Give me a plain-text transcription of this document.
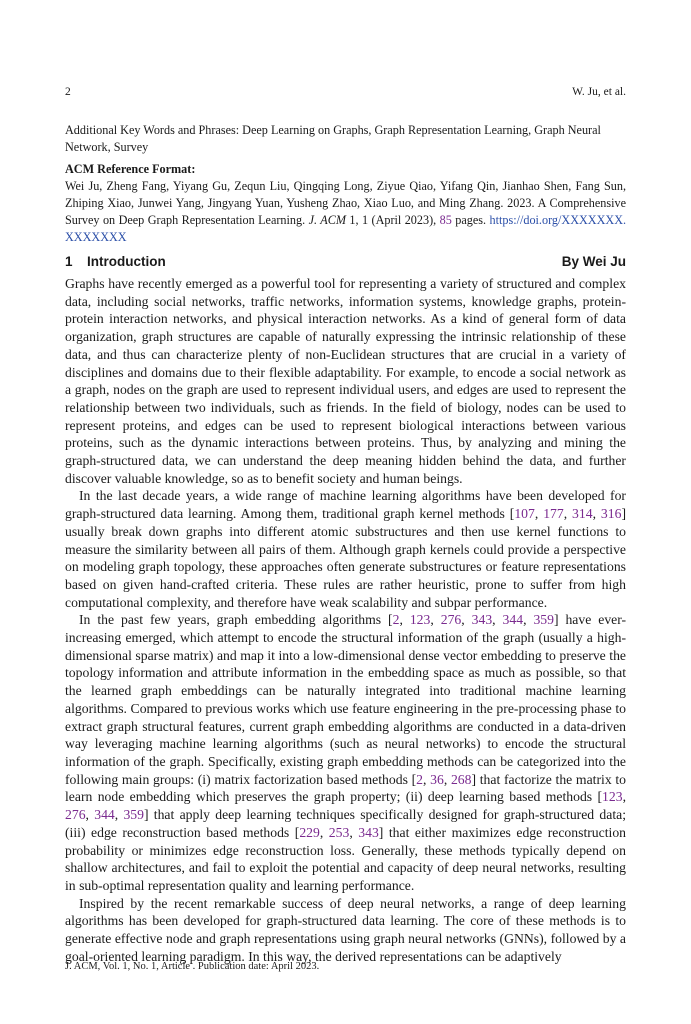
2	W. Ju, et al.

Additional Key Words and Phrases: Deep Learning on Graphs, Graph Representation Learning, Graph Neural Network, Survey

ACM Reference Format:

Wei Ju, Zheng Fang, Yiyang Gu, Zequn Liu, Qingqing Long, Ziyue Qiao, Yifang Qin, Jianhao Shen, Fang Sun, Zhiping Xiao, Junwei Yang, Jingyang Yuan, Yusheng Zhao, Xiao Luo, and Ming Zhang. 2023. A Comprehensive Survey on Deep Graph Representation Learning. J. ACM 1, 1 (April 2023), 85 pages. https://doi.org/XXXXXXX.XXXXXXX

1 Introduction	By Wei Ju

Graphs have recently emerged as a powerful tool for representing a variety of structured and complex data, including social networks, traffic networks, information systems, knowledge graphs, protein-protein interaction networks, and physical interaction networks. As a kind of general form of data organization, graph structures are capable of naturally expressing the intrinsic relationship of these data, and thus can characterize plenty of non-Euclidean structures that are crucial in a variety of disciplines and domains due to their flexible adaptability. For example, to encode a social network as a graph, nodes on the graph are used to represent individual users, and edges are used to represent the relationship between two individuals, such as friends. In the field of biology, nodes can be used to represent proteins, and edges can be used to represent biological interactions between various proteins, such as the dynamic interactions between proteins. Thus, by analyzing and mining the graph-structured data, we can understand the deep meaning hidden behind the data, and further discover valuable knowledge, so as to benefit society and human beings.

In the last decade years, a wide range of machine learning algorithms have been developed for graph-structured data learning. Among them, traditional graph kernel methods [107, 177, 314, 316] usually break down graphs into different atomic substructures and then use kernel functions to measure the similarity between all pairs of them. Although graph kernels could provide a perspective on modeling graph topology, these approaches often generate substructures or feature representations based on given hand-crafted criteria. These rules are rather heuristic, prone to suffer from high computational complexity, and therefore have weak scalability and subpar performance.

In the past few years, graph embedding algorithms [2, 123, 276, 343, 344, 359] have ever-increasing emerged, which attempt to encode the structural information of the graph (usually a high-dimensional sparse matrix) and map it into a low-dimensional dense vector embedding to preserve the topology information and attribute information in the embedding space as much as possible, so that the learned graph embeddings can be naturally integrated into traditional machine learning algorithms. Compared to previous works which use feature engineering in the pre-processing phase to extract graph structural features, current graph embedding algorithms are conducted in a data-driven way leveraging machine learning algorithms (such as neural networks) to encode the structural information of the graph. Specifically, existing graph embedding methods can be categorized into the following main groups: (i) matrix factorization based methods [2, 36, 268] that factorize the matrix to learn node embedding which preserves the graph property; (ii) deep learning based methods [123, 276, 344, 359] that apply deep learning techniques specifically designed for graph-structured data; (iii) edge reconstruction based methods [229, 253, 343] that either maximizes edge reconstruction probability or minimizes edge reconstruction loss. Generally, these methods typically depend on shallow architectures, and fail to exploit the potential and capacity of deep neural networks, resulting in sub-optimal representation quality and learning performance.

Inspired by the recent remarkable success of deep neural networks, a range of deep learning algorithms has been developed for graph-structured data learning. The core of these methods is to generate effective node and graph representations using graph neural networks (GNNs), followed by a goal-oriented learning paradigm. In this way, the derived representations can be adaptively

J. ACM, Vol. 1, No. 1, Article . Publication date: April 2023.
